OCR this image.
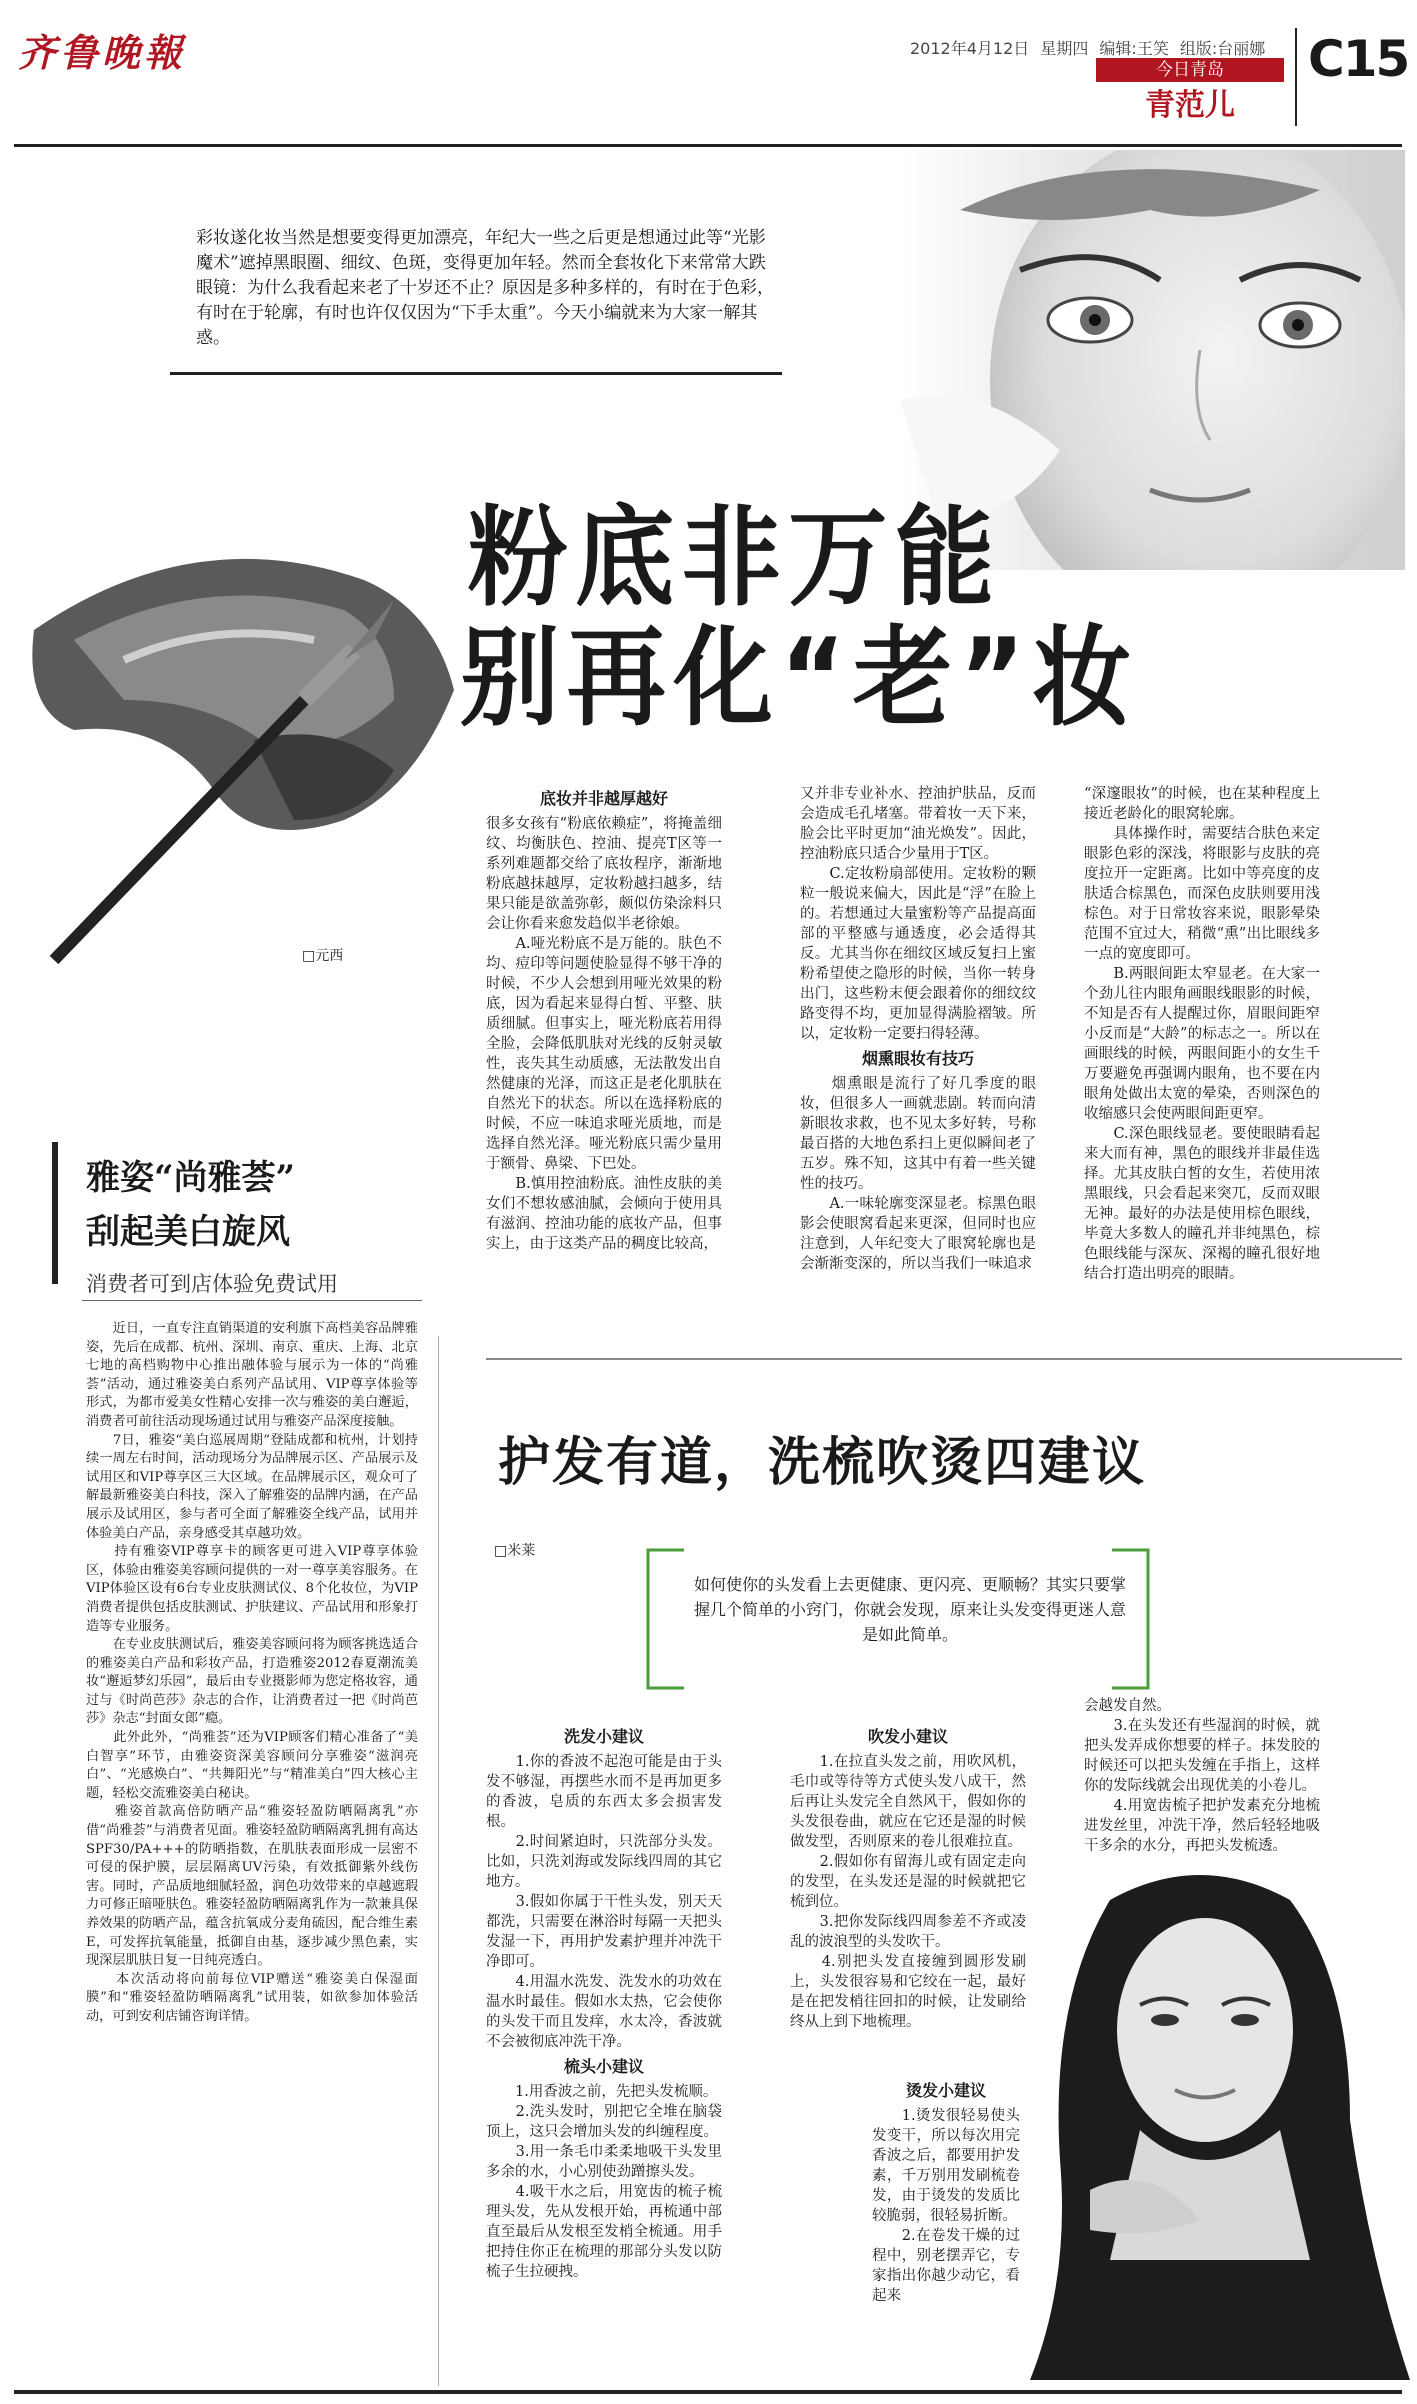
齐鲁晚報	2012年4月12日 星期四 编辑:王笑 组版:台丽娜
今日青岛
青范儿
C15
彩妆遂化妆当然是想要变得更加漂亮，年纪大一些之后更是想通过此等“光影魔术”遮掉黑眼圈、细纹、色斑，变得更加年轻。然而全套妆化下来常常大跌眼镜：为什么我看起来老了十岁还不止？原因是多种多样的，有时在于色彩，有时在于轮廓，有时也许仅仅因为“下手太重”。今天小编就来为大家一解其惑。
粉底非万能
别再化“老”妆
□元西
底妆并非越厚越好
很多女孩有“粉底依赖症”，将掩盖细纹、均衡肤色、控油、提亮T区等一系列难题都交给了底妆程序，渐渐地粉底越抹越厚，定妆粉越扫越多，结果只能是欲盖弥彰，颇似仿染涂料只会让你看来愈发趋似半老徐娘。
　　A.哑光粉底不是万能的。肤色不均、痘印等问题使脸显得不够干净的时候，不少人会想到用哑光效果的粉底，因为看起来显得白皙、平整、肤质细腻。但事实上，哑光粉底若用得全脸，会降低肌肤对光线的反射灵敏性，丧失其生动质感，无法散发出自然健康的光泽，而这正是老化肌肤在自然光下的状态。所以在选择粉底的时候，不应一味追求哑光质地，而是选择自然光泽。哑光粉底只需少量用于额骨、鼻梁、下巴处。
　　B.慎用控油粉底。油性皮肤的美女们不想妆感油腻，会倾向于使用具有滋润、控油功能的底妆产品，但事实上，由于这类产品的稠度比较高，
又并非专业补水、控油护肤品，反而会造成毛孔堵塞。带着妆一天下来，脸会比平时更加“油光焕发”。因此，控油粉底只适合少量用于T区。
　　C.定妆粉扇部使用。定妆粉的颗粒一般说来偏大，因此是“浮”在脸上的。若想通过大量蜜粉等产品提高面部的平整感与通透度，必会适得其反。尤其当你在细纹区域反复扫上蜜粉希望使之隐形的时候，当你一转身出门，这些粉末便会跟着你的细纹纹路变得不均，更加显得满脸褶皱。所以，定妆粉一定要扫得轻薄。
烟熏眼妆有技巧
　　烟熏眼是流行了好几季度的眼妆，但很多人一画就悲剧。转而向清新眼妆求救，也不见太多好转，号称最百搭的大地色系扫上更似瞬间老了五岁。殊不知，这其中有着一些关键性的技巧。
　　A.一味轮廓变深显老。棕黑色眼影会使眼窝看起来更深，但同时也应注意到，人年纪变大了眼窝轮廓也是会渐渐变深的，所以当我们一味追求
“深邃眼妆”的时候，也在某种程度上接近老龄化的眼窝轮廓。
　　具体操作时，需要结合肤色来定眼影色彩的深浅，将眼影与皮肤的亮度拉开一定距离。比如中等亮度的皮肤适合棕黑色，而深色皮肤则要用浅棕色。对于日常妆容来说，眼影晕染范围不宜过大，稍微“熏”出比眼线多一点的宽度即可。
　　B.两眼间距太窄显老。在大家一个劲儿往内眼角画眼线眼影的时候，不知是否有人提醒过你，眉眼间距窄小反而是“大龄”的标志之一。所以在画眼线的时候，两眼间距小的女生千万要避免再强调内眼角，也不要在内眼角处做出太宽的晕染，否则深色的收缩感只会使两眼间距更窄。
　　C.深色眼线显老。要使眼睛看起来大而有神，黑色的眼线并非最佳选择。尤其皮肤白皙的女生，若使用浓黑眼线，只会看起来突兀，反而双眼无神。最好的办法是使用棕色眼线，毕竟大多数人的瞳孔并非纯黑色，棕色眼线能与深灰、深褐的瞳孔很好地结合打造出明亮的眼睛。
雅姿“尚雅荟”
刮起美白旋风
消费者可到店体验免费试用
　　近日，一直专注直销渠道的安利旗下高档美容品牌雅姿，先后在成都、杭州、深圳、南京、重庆、上海、北京七地的高档购物中心推出融体验与展示为一体的“尚雅荟”活动，通过雅姿美白系列产品试用、VIP尊享体验等形式，为都市爱美女性精心安排一次与雅姿的美白邂逅，消费者可前往活动现场通过试用与雅姿产品深度接触。
　　7日，雅姿“美白巡展周期”登陆成都和杭州，计划持续一周左右时间，活动现场分为品牌展示区、产品展示及试用区和VIP尊享区三大区域。在品牌展示区，观众可了解最新雅姿美白科技，深入了解雅姿的品牌内涵，在产品展示及试用区，参与者可全面了解雅姿全线产品，试用并体验美白产品，亲身感受其卓越功效。
　　持有雅姿VIP尊享卡的顾客更可进入VIP尊享体验区，体验由雅姿美容顾问提供的一对一尊享美容服务。在VIP体验区设有6台专业皮肤测试仪、8个化妆位，为VIP消费者提供包括皮肤测试、护肤建议、产品试用和形象打造等专业服务。
　　在专业皮肤测试后，雅姿美容顾问将为顾客挑选适合的雅姿美白产品和彩妆产品，打造雅姿2012春夏潮流美妆“邂逅梦幻乐园”，最后由专业摄影师为您定格妆容，通过与《时尚芭莎》杂志的合作，让消费者过一把《时尚芭莎》杂志“封面女郎”瘾。
　　此外此外，“尚雅荟”还为VIP顾客们精心准备了“美白智享”环节，由雅姿资深美容顾问分享雅姿“滋润亮白”、“光感焕白”、“共舞阳光”与“精准美白”四大核心主题，轻松交流雅姿美白秘诀。
　　雅姿首款高倍防晒产品“雅姿轻盈防晒隔离乳”亦借“尚雅荟”与消费者见面。雅姿轻盈防晒隔离乳拥有高达SPF30/PA+++的防晒指数，在肌肤表面形成一层密不可侵的保护膜，层层隔离UV污染，有效抵御紫外线伤害。同时，产品质地细腻轻盈，润色功效带来的卓越遮瑕力可修正暗哑肤色。雅姿轻盈防晒隔离乳作为一款兼具保养效果的防晒产品，蕴含抗氧成分麦角硫因，配合维生素E，可发挥抗氧能量，抵御自由基，逐步减少黑色素，实现深层肌肤日复一日纯亮透白。
　　本次活动将向前每位VIP赠送“雅姿美白保湿面膜”和“雅姿轻盈防晒隔离乳”试用装，如欲参加体验活动，可到安利店铺咨询详情。
护发有道，洗梳吹烫四建议
□米莱
如何使你的头发看上去更健康、更闪亮、更顺畅？其实只要掌握几个简单的小窍门，你就会发现，原来让头发变得更迷人意是如此简单。
洗发小建议
　　1.你的香波不起泡可能是由于头发不够湿，再摆些水而不是再加更多的香波，皂质的东西太多会损害发根。
　　2.时间紧迫时，只洗部分头发。比如，只洗刘海或发际线四周的其它地方。
　　3.假如你属于干性头发，别天天都洗，只需要在淋浴时每隔一天把头发湿一下，再用护发素护理并冲洗干净即可。
　　4.用温水洗发、洗发水的功效在温水时最佳。假如水太热，它会使你的头发干而且发痒，水太冷，香波就不会被彻底冲洗干净。
梳头小建议
　　1.用香波之前，先把头发梳顺。
　　2.洗头发时，别把它全堆在脑袋顶上，这只会增加头发的纠缠程度。
　　3.用一条毛巾柔柔地吸干头发里多余的水，小心别使劲蹭擦头发。
　　4.吸干水之后，用宽齿的梳子梳理头发，先从发根开始，再梳通中部直至最后从发根至发梢全梳通。用手把持住你正在梳理的那部分头发以防梳子生拉硬拽。
吹发小建议
　　1.在拉直头发之前，用吹风机，毛巾或等待等方式使头发八成干，然后再让头发完全自然风干，假如你的头发很卷曲，就应在它还是湿的时候做发型，否则原来的卷儿很难拉直。
　　2.假如你有留海儿或有固定走向的发型，在头发还是湿的时候就把它梳到位。
　　3.把你发际线四周参差不齐或凌乱的波浪型的头发吹干。
　　4.别把头发直接缠到圆形发刷上，头发很容易和它绞在一起，最好是在把发梢往回扣的时候，让发刷给终从上到下地梳理。
烫发小建议
　　1.烫发很轻易使头发变干，所以每次用完香波之后，都要用护发素，千万别用发刷梳卷发，由于烫发的发质比较脆弱，很轻易折断。
　　2.在卷发干燥的过程中，别老摆弄它，专家指出你越少动它，看起来
会越发自然。
　　3.在头发还有些湿润的时候，就把头发弄成你想要的样子。抹发胶的时候还可以把头发缠在手指上，这样你的发际线就会出现优美的小卷儿。
　　4.用宽齿梳子把护发素充分地梳进发丝里，冲洗干净，然后轻轻地吸干多余的水分，再把头发梳透。
